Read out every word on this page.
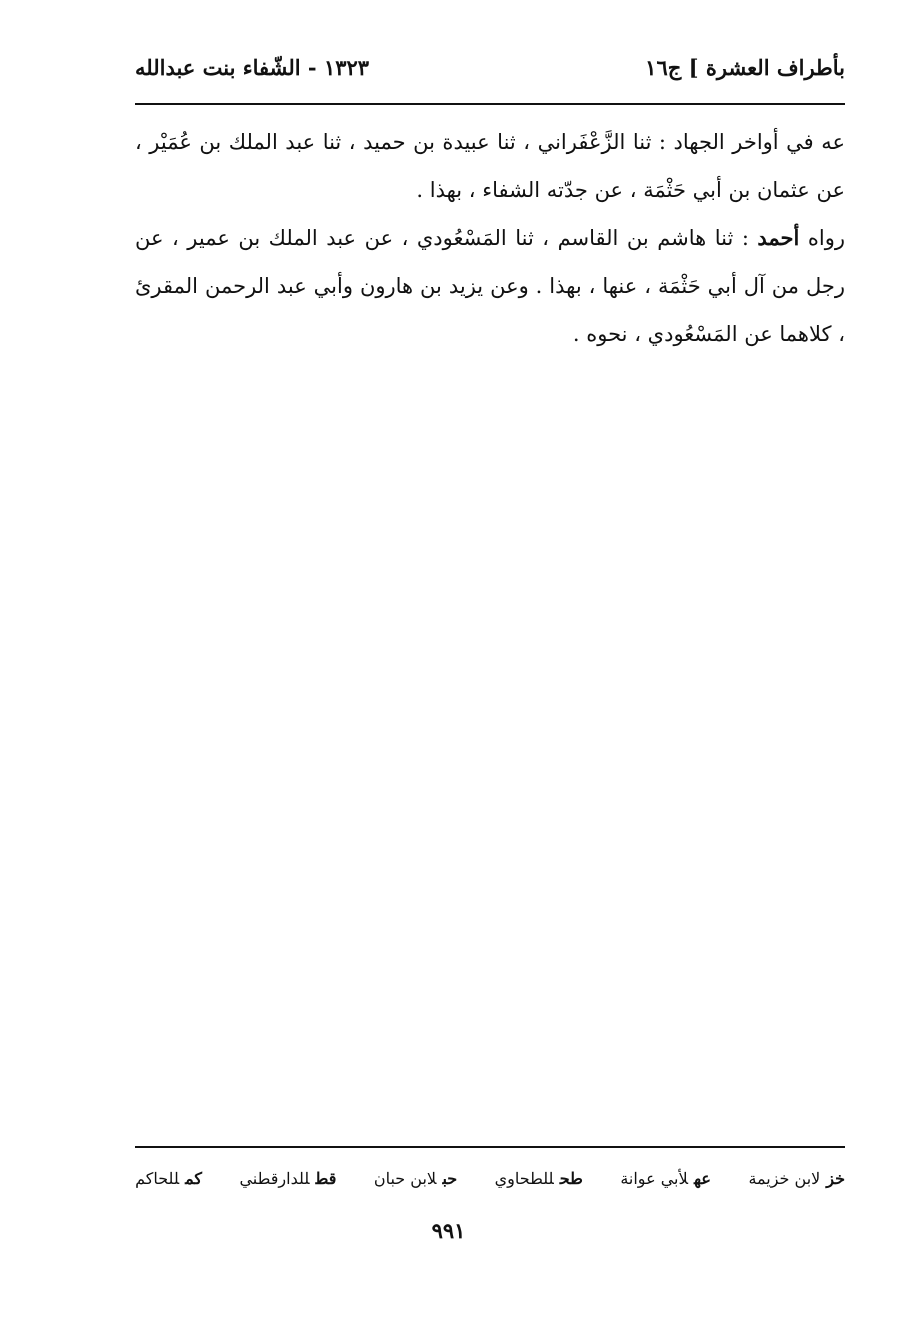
بأطراف العشرة ] ج١٦
١٣٢٣ - الشّفاء بنت عبدالله

عه في أواخر الجهاد : ثنا الزَّعْفَراني ، ثنا عبيدة بن حميد ، ثنا عبد الملك بن عُمَيْر ، عن عثمان بن أبي حَثْمَة ، عن جدّته الشفاء ، بهذا .

رواه أحمد : ثنا هاشم بن القاسم ، ثنا المَسْعُودي ، عن عبد الملك بن عمير ، عن رجل من آل أبي حَثْمَة ، عنها ، بهذا . وعن يزيد بن هارون وأبي عبد الرحمن المقرئ ، كلاهما عن المَسْعُودي ، نحوه .

خزلابن خزيمة
عهلأبي عوانة
طحللطحاوي
حبلابن حبان
قطللدارقطني
كمللحاكم
٩٩١
